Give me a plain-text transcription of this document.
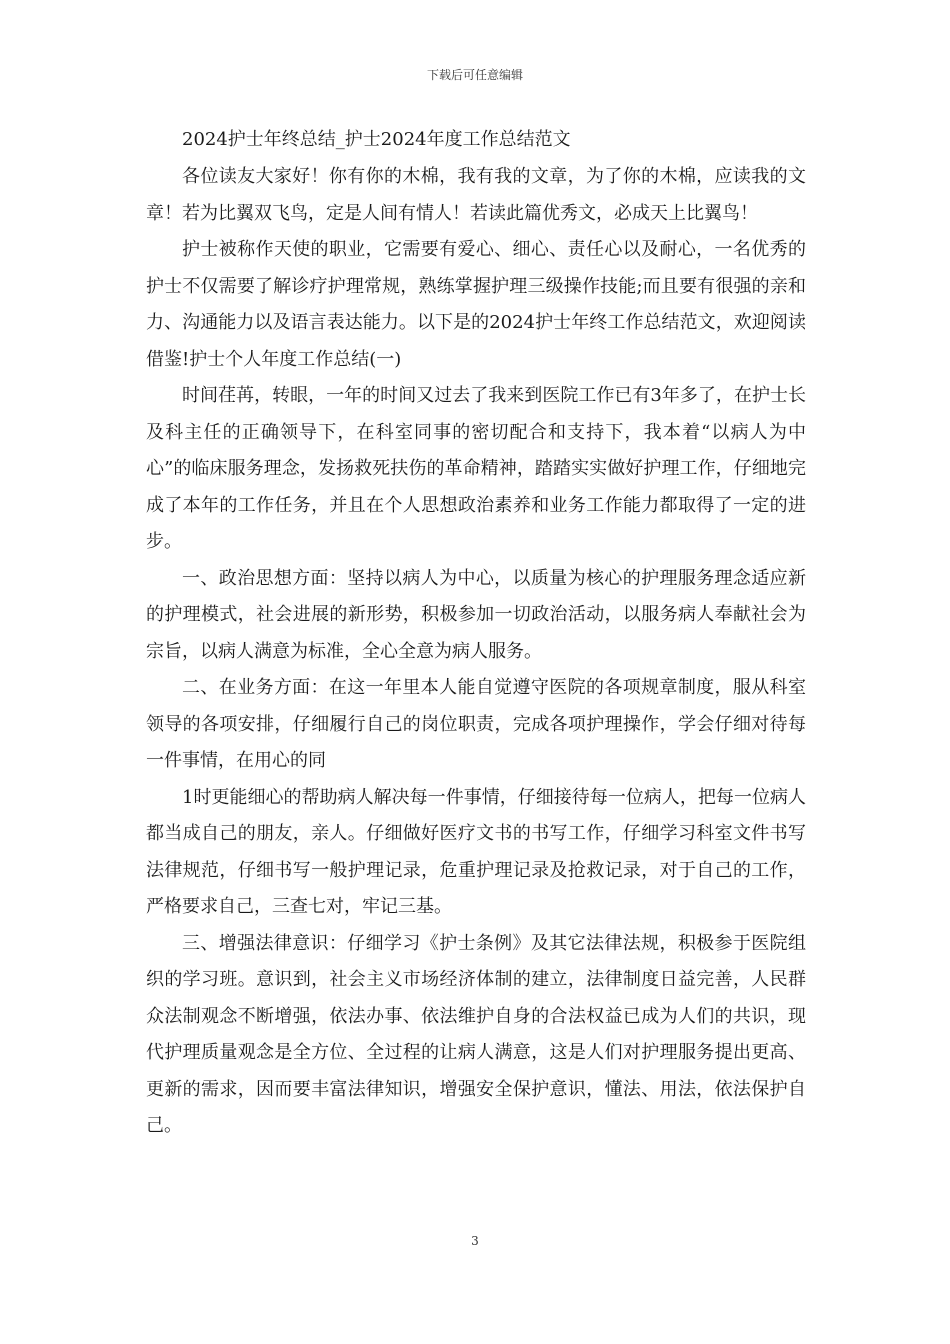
下载后可任意编辑

2024护士年终总结_护士2024年度工作总结范文

各位读友大家好！你有你的木棉，我有我的文章，为了你的木棉，应读我的文章！若为比翼双飞鸟，定是人间有情人！若读此篇优秀文，必成天上比翼鸟！

护士被称作天使的职业，它需要有爱心、细心、责任心以及耐心，一名优秀的护士不仅需要了解诊疗护理常规，熟练掌握护理三级操作技能;而且要有很强的亲和力、沟通能力以及语言表达能力。以下是的2024护士年终工作总结范文，欢迎阅读借鉴!护士个人年度工作总结(一)

时间荏苒，转眼，一年的时间又过去了我来到医院工作已有3年多了，在护士长及科主任的正确领导下，在科室同事的密切配合和支持下，我本着“以病人为中心”的临床服务理念，发扬救死扶伤的革命精神，踏踏实实做好护理工作，仔细地完成了本年的工作任务，并且在个人思想政治素养和业务工作能力都取得了一定的进步。

一、政治思想方面：坚持以病人为中心，以质量为核心的护理服务理念适应新的护理模式，社会进展的新形势，积极参加一切政治活动，以服务病人奉献社会为宗旨，以病人满意为标准，全心全意为病人服务。

二、在业务方面：在这一年里本人能自觉遵守医院的各项规章制度，服从科室领导的各项安排，仔细履行自己的岗位职责，完成各项护理操作，学会仔细对待每一件事情，在用心的同

1时更能细心的帮助病人解决每一件事情，仔细接待每一位病人，把每一位病人都当成自己的朋友，亲人。仔细做好医疗文书的书写工作，仔细学习科室文件书写法律规范，仔细书写一般护理记录，危重护理记录及抢救记录，对于自己的工作，严格要求自己，三查七对，牢记三基。

三、增强法律意识：仔细学习《护士条例》及其它法律法规，积极参于医院组织的学习班。意识到，社会主义市场经济体制的建立，法律制度日益完善，人民群众法制观念不断增强，依法办事、依法维护自身的合法权益已成为人们的共识，现代护理质量观念是全方位、全过程的让病人满意，这是人们对护理服务提出更高、更新的需求，因而要丰富法律知识，增强安全保护意识，懂法、用法，依法保护自己。

3
